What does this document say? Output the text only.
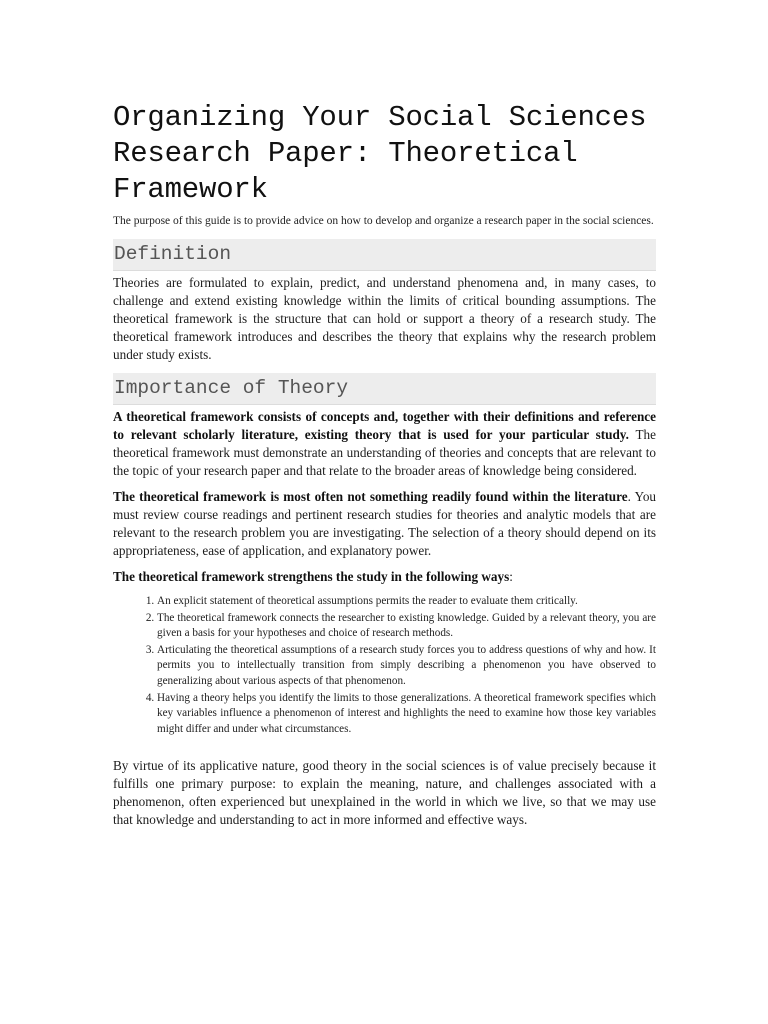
Organizing Your Social Sciences Research Paper: Theoretical Framework

The purpose of this guide is to provide advice on how to develop and organize a research paper in the social sciences.

Definition

Theories are formulated to explain, predict, and understand phenomena and, in many cases, to challenge and extend existing knowledge within the limits of critical bounding assumptions. The theoretical framework is the structure that can hold or support a theory of a research study. The theoretical framework introduces and describes the theory that explains why the research problem under study exists.

Importance of Theory

A theoretical framework consists of concepts and, together with their definitions and reference to relevant scholarly literature, existing theory that is used for your particular study. The theoretical framework must demonstrate an understanding of theories and concepts that are relevant to the topic of your research paper and that relate to the broader areas of knowledge being considered.

The theoretical framework is most often not something readily found within the literature. You must review course readings and pertinent research studies for theories and analytic models that are relevant to the research problem you are investigating. The selection of a theory should depend on its appropriateness, ease of application, and explanatory power.

The theoretical framework strengthens the study in the following ways:

1. An explicit statement of theoretical assumptions permits the reader to evaluate them critically.
2. The theoretical framework connects the researcher to existing knowledge. Guided by a relevant theory, you are given a basis for your hypotheses and choice of research methods.
3. Articulating the theoretical assumptions of a research study forces you to address questions of why and how. It permits you to intellectually transition from simply describing a phenomenon you have observed to generalizing about various aspects of that phenomenon.
4. Having a theory helps you identify the limits to those generalizations. A theoretical framework specifies which key variables influence a phenomenon of interest and highlights the need to examine how those key variables might differ and under what circumstances.

By virtue of its applicative nature, good theory in the social sciences is of value precisely because it fulfills one primary purpose: to explain the meaning, nature, and challenges associated with a phenomenon, often experienced but unexplained in the world in which we live, so that we may use that knowledge and understanding to act in more informed and effective ways.
